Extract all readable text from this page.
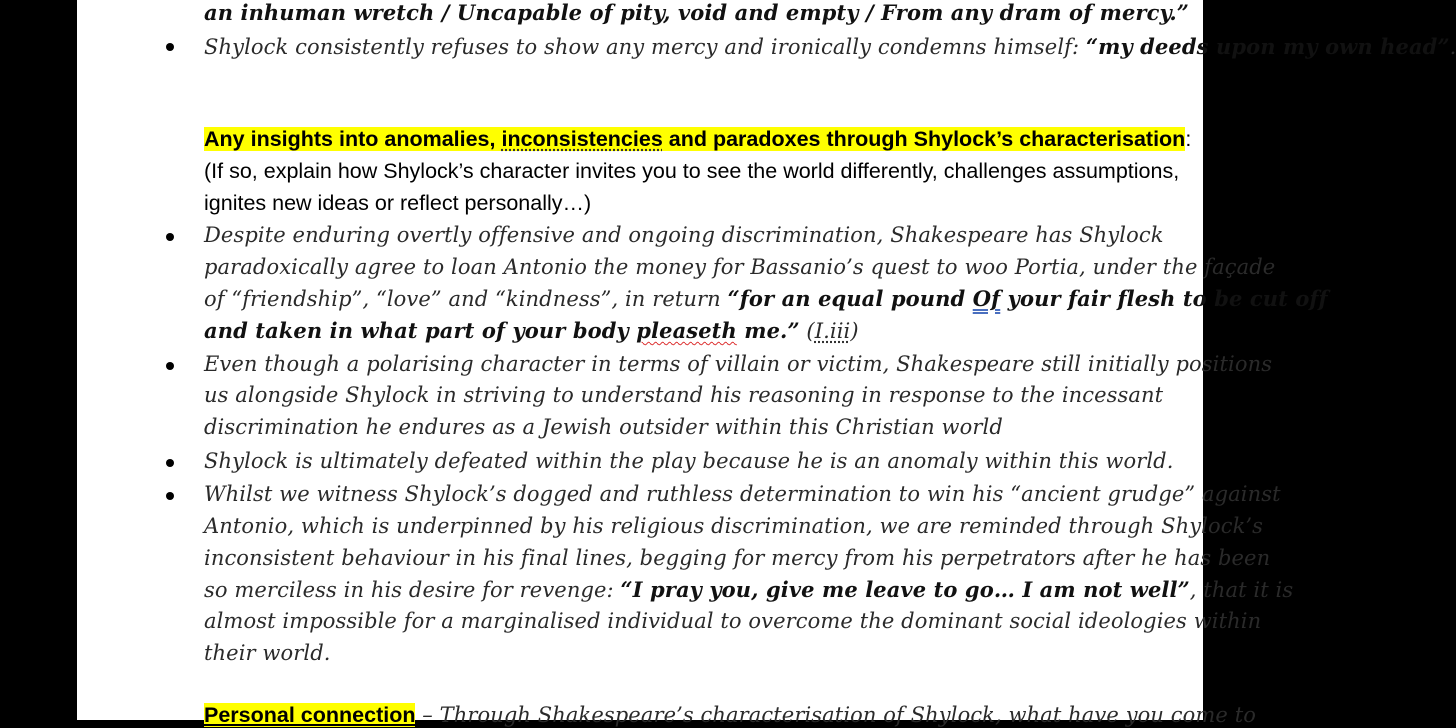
an inhuman wretch / Uncapable of pity, void and empty / From any dram of mercy.”
Shylock consistently refuses to show any mercy and ironically condemns himself: “my deeds upon my own head”.
Any insights into anomalies, inconsistencies and paradoxes through Shylock’s characterisation:
(If so, explain how Shylock’s character invites you to see the world differently, challenges assumptions,
ignites new ideas or reflect personally…)
Despite enduring overtly offensive and ongoing discrimination, Shakespeare has Shylock
paradoxically agree to loan Antonio the money for Bassanio’s quest to woo Portia, under the façade
of “friendship”, “love” and “kindness”, in return “for an equal pound Of your fair flesh to be cut off
and taken in what part of your body pleaseth me.” (I.iii)
Even though a polarising character in terms of villain or victim, Shakespeare still initially positions
us alongside Shylock in striving to understand his reasoning in response to the incessant
discrimination he endures as a Jewish outsider within this Christian world
Shylock is ultimately defeated within the play because he is an anomaly within this world.
Whilst we witness Shylock’s dogged and ruthless determination to win his “ancient grudge” against
Antonio, which is underpinned by his religious discrimination, we are reminded through Shylock’s
inconsistent behaviour in his final lines, begging for mercy from his perpetrators after he has been
so merciless in his desire for revenge: “I pray you, give me leave to go… I am not well”, that it is
almost impossible for a marginalised individual to overcome the dominant social ideologies within
their world.
Personal connection – Through Shakespeare’s characterisation of Shylock, what have you come to
